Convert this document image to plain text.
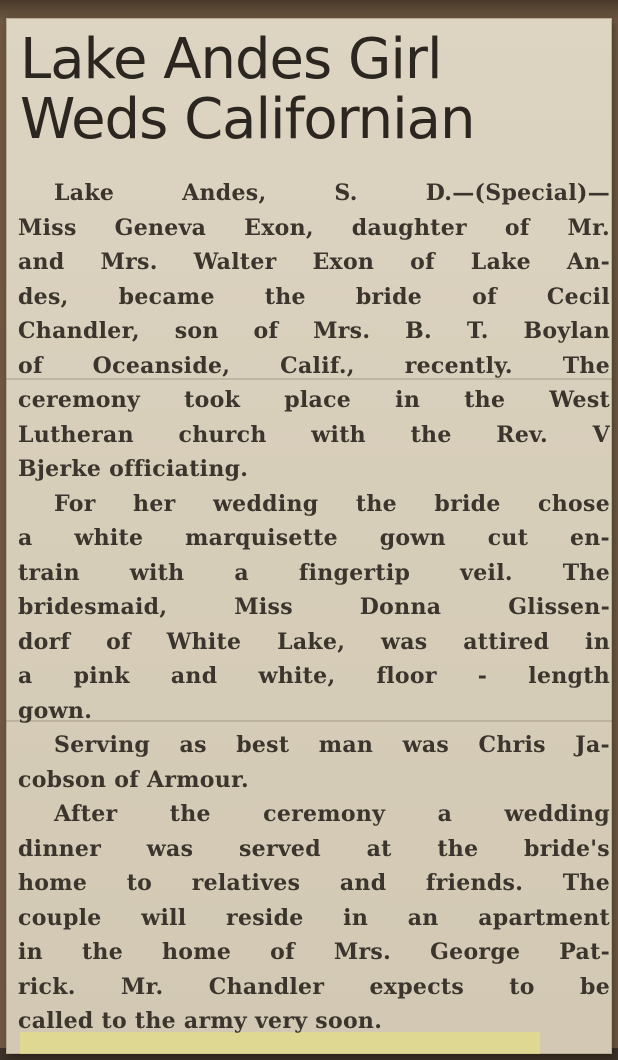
Lake Andes Girl
Weds Californian
Lake Andes, S. D.—(Special)—
Miss Geneva Exon, daughter of Mr.
and Mrs. Walter Exon of Lake An-
des, became the bride of Cecil
Chandler, son of Mrs. B. T. Boylan
of Oceanside, Calif., recently. The
ceremony took place in the West
Lutheran church with the Rev. V
Bjerke officiating.
For her wedding the bride chose
a white marquisette gown cut en-
train with a fingertip veil. The
bridesmaid, Miss Donna Glissen-
dorf of White Lake, was attired in
a pink and white, floor - length
gown.
Serving as best man was Chris Ja-
cobson of Armour.
After the ceremony a wedding
dinner was served at the bride's
home to relatives and friends. The
couple will reside in an apartment
in the home of Mrs. George Pat-
rick. Mr. Chandler expects to be
called to the army very soon.
